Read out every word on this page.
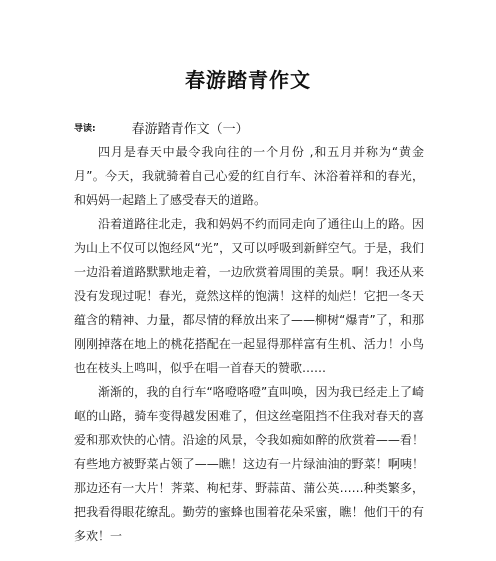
春游踏青作文
导读:	春游踏青作文（一）

四月是春天中最令我向往的一个月份 ,和五月并称为“黄金月”。今天，我就骑着自己心爱的红自行车、沐浴着祥和的春光，和妈妈一起踏上了感受春天的道路。

沿着道路往北走，我和妈妈不约而同走向了通往山上的路。因为山上不仅可以饱经风“光”，又可以呼吸到新鲜空气。于是，我们一边沿着道路默默地走着，一边欣赏着周围的美景。啊！我还从来没有发现过呢！春光，竟然这样的饱满！这样的灿烂！它把一冬天蕴含的精神、力量，都尽情的释放出来了——柳树“爆青”了，和那刚刚掉落在地上的桃花搭配在一起显得那样富有生机、活力！小鸟也在枝头上鸣叫，似乎在唱一首春天的赞歌……

渐渐的，我的自行车“咯噔咯噔”直叫唤，因为我已经走上了崎岖的山路，骑车变得越发困难了，但这丝毫阻挡不住我对春天的喜爱和那欢快的心情。沿途的风景，令我如痴如醉的欣赏着——看！有些地方被野菜占领了——瞧！这边有一片绿油油的野菜！啊咦！那边还有一大片！荠菜、枸杞芽、野蒜苗、蒲公英……种类繁多，把我看得眼花缭乱。勤劳的蜜蜂也围着花朵采蜜，瞧！他们干的有多欢！一
